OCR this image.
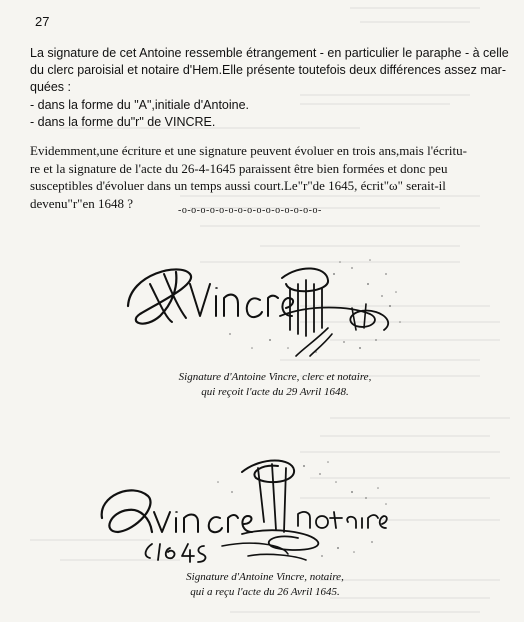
27
La signature de cet Antoine ressemble étrangement - en particulier le paraphe - à celle
du clerc paroisial et notaire d'Hem.Elle présente toutefois deux différences assez mar-
quées :
- dans la forme du "A",initiale d'Antoine.
- dans la forme du"r" de VINCRE.
Evidemment,une écriture et une signature peuvent évoluer en trois ans,mais l'écritu-
re et la signature de l'acte du 26-4-1645 paraissent être bien formées et donc peu
susceptibles d'évoluer dans un temps aussi court.Le"r"de 1645, écrit"ω" serait-il
devenu"r"en 1648 ?	-o-o-o-o-o-o-o-o-o-o-o-o-o-o-o-
Signature d'Antoine Vincre, clerc et notaire,
qui reçoit l'acte du 29 Avril 1648.
Signature d'Antoine Vincre, notaire,
qui a reçu l'acte du 26 Avril 1645.
